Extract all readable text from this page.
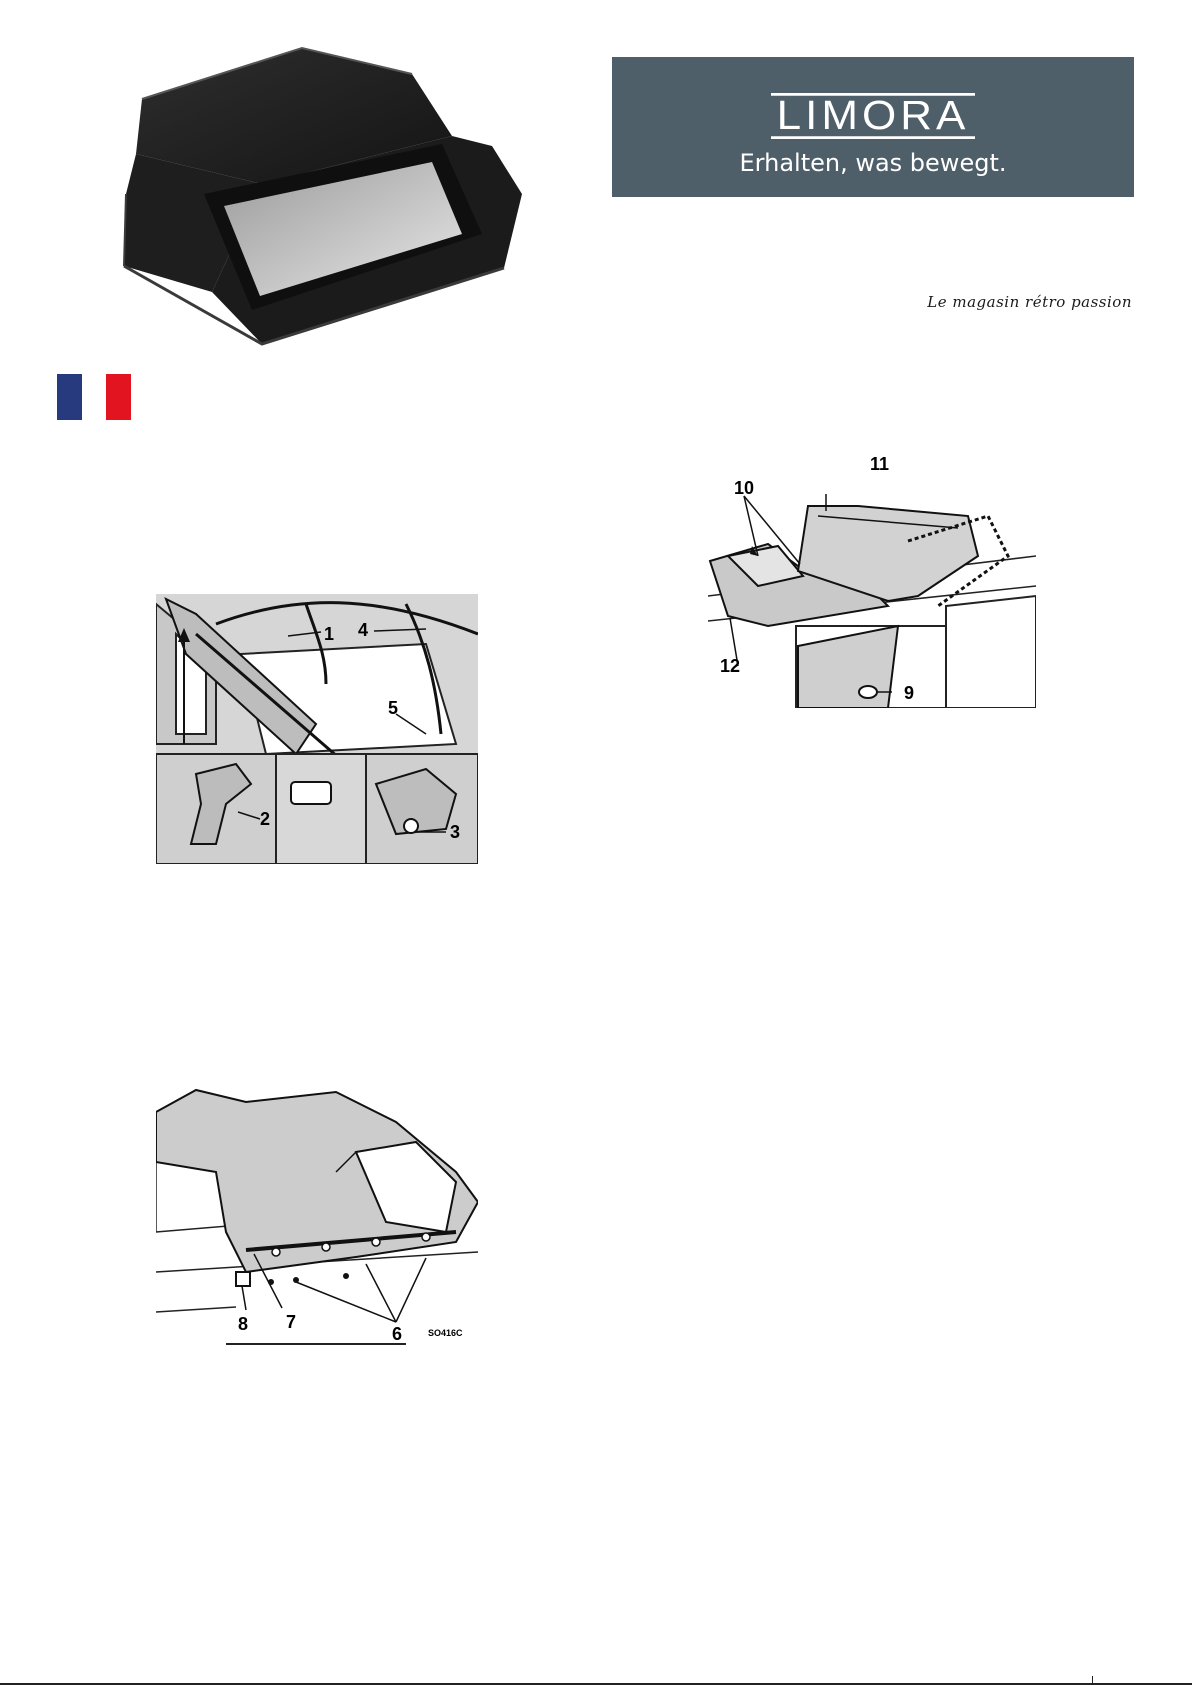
LIMORA
Erhalten, was bewegt.
Le magasin rétro passion
1
2
3
4
5
11
10
12
9
8 7
6	SO416C
